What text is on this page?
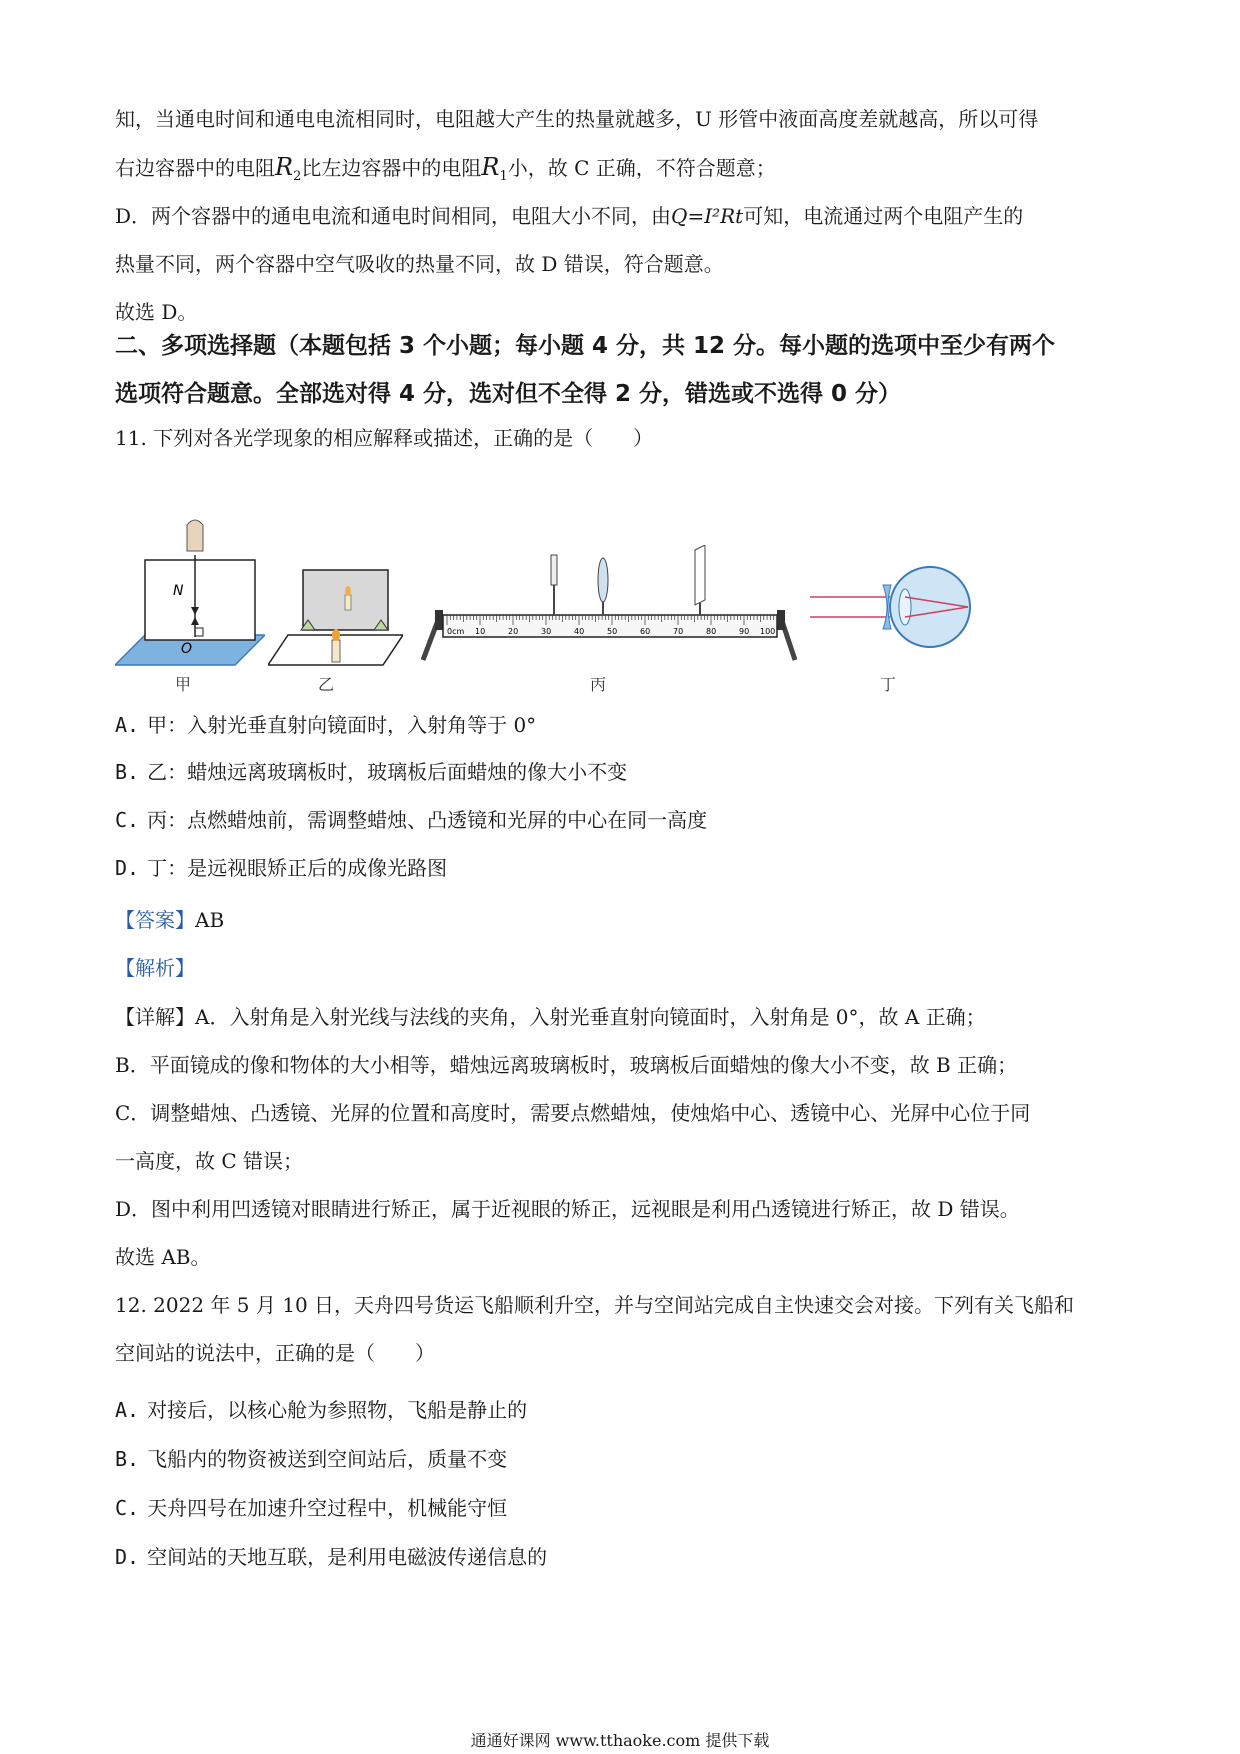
知，当通电时间和通电电流相同时，电阻越大产生的热量就越多，U 形管中液面高度差就越高，所以可得

右边容器中的电阻$R_2$比左边容器中的电阻$R_1$小，故 C 正确，不符合题意；

D．两个容器中的通电电流和通电时间相同，电阻大小不同，由Q=I²Rt可知，电流通过两个电阻产生的

热量不同，两个容器中空气吸收的热量不同，故 D 错误，符合题意。

故选 D。

二、多项选择题（本题包括 3 个小题；每小题 4 分，共 12 分。每小题的选项中至少有两个

选项符合题意。全部选对得 4 分，选对但不全得 2 分，错选或不选得 0 分）

11. 下列对各光学现象的相应解释或描述，正确的是（　　）

N
O
甲	乙
0cm 10	20	30	40	50	60	70	80	90 100
丙	丁

A. 甲：入射光垂直射向镜面时，入射角等于 0°

B. 乙：蜡烛远离玻璃板时，玻璃板后面蜡烛的像大小不变

C. 丙：点燃蜡烛前，需调整蜡烛、凸透镜和光屏的中心在同一高度

D. 丁：是远视眼矫正后的成像光路图

【答案】AB

【解析】

【详解】A．入射角是入射光线与法线的夹角，入射光垂直射向镜面时，入射角是 0°，故 A 正确；

B．平面镜成的像和物体的大小相等，蜡烛远离玻璃板时，玻璃板后面蜡烛的像大小不变，故 B 正确；

C．调整蜡烛、凸透镜、光屏的位置和高度时，需要点燃蜡烛，使烛焰中心、透镜中心、光屏中心位于同

一高度，故 C 错误；

D．图中利用凹透镜对眼睛进行矫正，属于近视眼的矫正，远视眼是利用凸透镜进行矫正，故 D 错误。

故选 AB。

12. 2022 年 5 月 10 日，天舟四号货运飞船顺利升空，并与空间站完成自主快速交会对接。下列有关飞船和

空间站的说法中，正确的是（　　）

A. 对接后，以核心舱为参照物，飞船是静止的

B. 飞船内的物资被送到空间站后，质量不变

C. 天舟四号在加速升空过程中，机械能守恒

D. 空间站的天地互联，是利用电磁波传递信息的

通通好课网 www.tthaoke.com 提供下载
